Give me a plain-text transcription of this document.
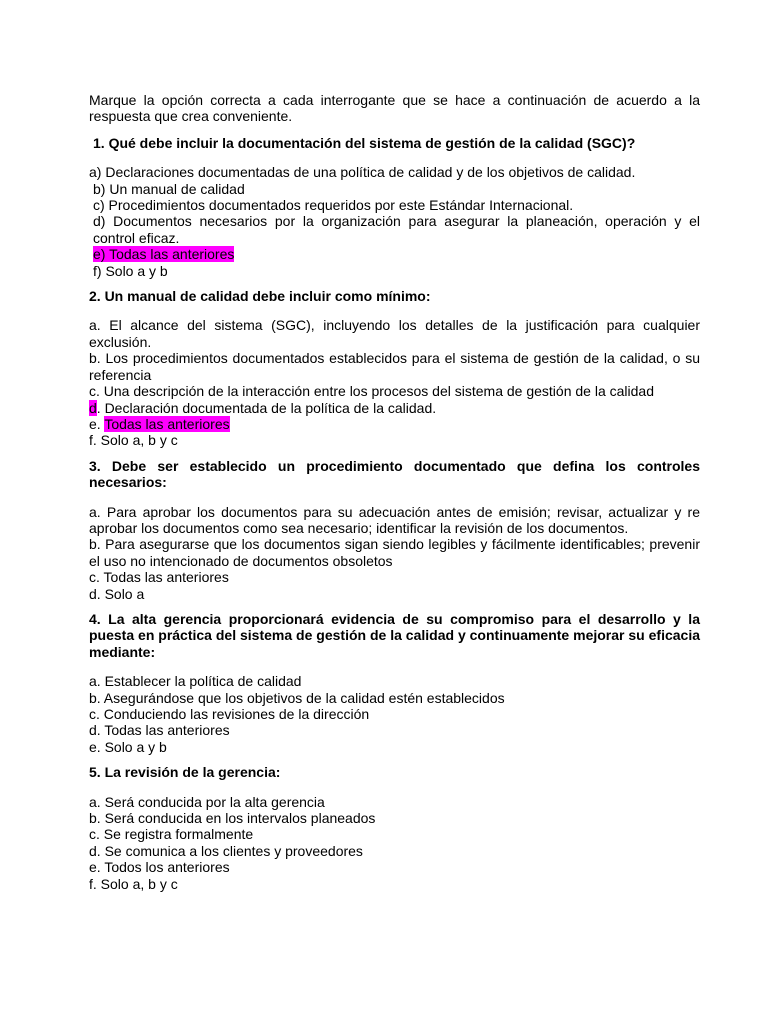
Marque la opción correcta a cada interrogante que se hace a continuación de acuerdo a la respuesta que crea conveniente.

1. Qué debe incluir la documentación del sistema de gestión de la calidad (SGC)?

a) Declaraciones documentadas de una política de calidad y de los objetivos de calidad.

b) Un manual de calidad

c) Procedimientos documentados requeridos por este Estándar Internacional.

d) Documentos necesarios por la organización para asegurar la planeación, operación y el control eficaz.

e) Todas las anteriores

f) Solo a y b

2. Un manual de calidad debe incluir como mínimo:

a. El alcance del sistema (SGC), incluyendo los detalles de la justificación para cualquier exclusión.

b. Los procedimientos documentados establecidos para el sistema de gestión de la calidad, o su referencia

c. Una descripción de la interacción entre los procesos del sistema de gestión de la calidad

d. Declaración documentada de la política de la calidad.

e. Todas las anteriores

f. Solo a, b y c

3. Debe ser establecido un procedimiento documentado que defina los controles necesarios:

a. Para aprobar los documentos para su adecuación antes de emisión; revisar, actualizar y re aprobar los documentos como sea necesario; identificar la revisión de los documentos.

b. Para asegurarse que los documentos sigan siendo legibles y fácilmente identificables; prevenir el uso no intencionado de documentos obsoletos

c. Todas las anteriores

d. Solo a

4. La alta gerencia proporcionará evidencia de su compromiso para el desarrollo y la puesta en práctica del sistema de gestión de la calidad y continuamente mejorar su eficacia mediante:

a. Establecer la política de calidad

b. Asegurándose que los objetivos de la calidad estén establecidos

c. Conduciendo las revisiones de la dirección

d. Todas las anteriores

e. Solo a y b

5. La revisión de la gerencia:

a. Será conducida por la alta gerencia

b. Será conducida en los intervalos planeados

c. Se registra formalmente

d. Se comunica a los clientes y proveedores

e. Todos los anteriores

f. Solo a, b y c
